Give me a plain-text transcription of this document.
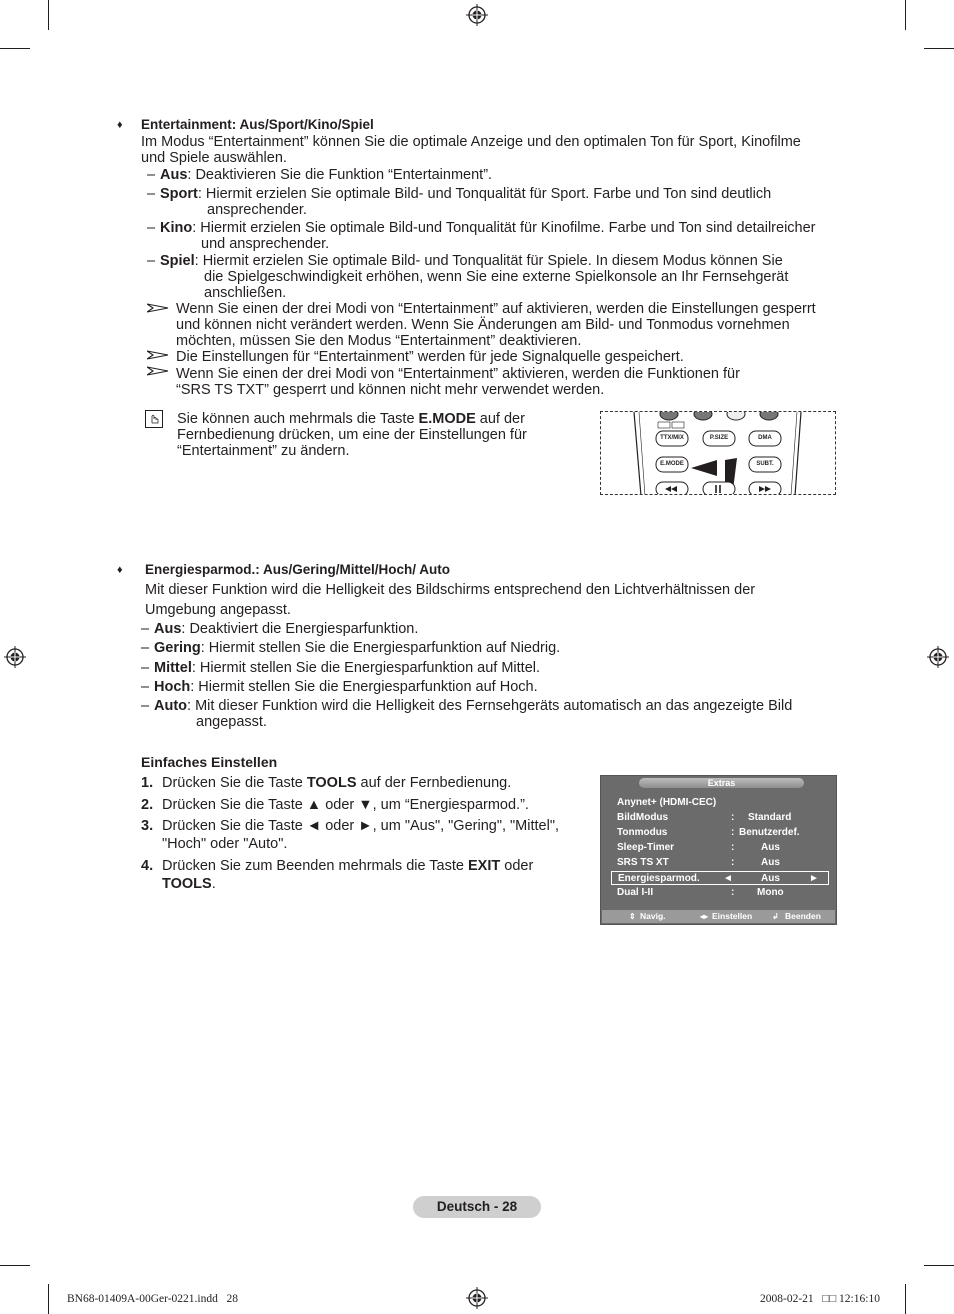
♦ Entertainment: Aus/Sport/Kino/Spiel
Im Modus “Entertainment” können Sie die optimale Anzeige und den optimalen Ton für Sport, Kinofilme
und Spiele auswählen.
– Aus: Deaktivieren Sie die Funktion “Entertainment”.
– Sport: Hiermit erzielen Sie optimale Bild- und Tonqualität für Sport. Farbe und Ton sind deutlich
ansprechender.
– Kino: Hiermit erzielen Sie optimale Bild-und Tonqualität für Kinofilme. Farbe und Ton sind detailreicher
und ansprechender.
– Spiel: Hiermit erzielen Sie optimale Bild- und Tonqualität für Spiele. In diesem Modus können Sie
die Spielgeschwindigkeit erhöhen, wenn Sie eine externe Spielkonsole an Ihr Fernsehgerät
anschließen.
Wenn Sie einen der drei Modi von “Entertainment” auf aktivieren, werden die Einstellungen gesperrt
und können nicht verändert werden. Wenn Sie Änderungen am Bild- und Tonmodus vornehmen
möchten, müssen Sie den Modus “Entertainment” deaktivieren.
Die Einstellungen für “Entertainment” werden für jede Signalquelle gespeichert.
Wenn Sie einen der drei Modi von “Entertainment” aktivieren, werden die Funktionen für
“SRS TS TXT” gesperrt und können nicht mehr verwendet werden.
Sie können auch mehrmals die Taste E.MODE auf der
Fernbedienung drücken, um eine der Einstellungen für
“Entertainment” zu ändern.
TTX/MIX	P.SIZE	DMA
E.MODE	SUBT.
♦ Energiesparmod.: Aus/Gering/Mittel/Hoch/ Auto
Mit dieser Funktion wird die Helligkeit des Bildschirms entsprechend den Lichtverhältnissen der
Umgebung angepasst.
– Aus: Deaktiviert die Energiesparfunktion.
– Gering: Hiermit stellen Sie die Energiesparfunktion auf Niedrig.
– Mittel: Hiermit stellen Sie die Energiesparfunktion auf Mittel.
– Hoch: Hiermit stellen Sie die Energiesparfunktion auf Hoch.
– Auto: Mit dieser Funktion wird die Helligkeit des Fernsehgeräts automatisch an das angezeigte Bild
angepasst.
Einfaches Einstellen
1. Drücken Sie die Taste TOOLS auf der Fernbedienung.
2. Drücken Sie die Taste ▲ oder ▼, um “Energiesparmod.”.
3. Drücken Sie die Taste ◄ oder ►, um "Aus", "Gering", "Mittel",
"Hoch" oder "Auto".
4. Drücken Sie zum Beenden mehrmals die Taste EXIT oder
TOOLS.
Extras
Anynet+ (HDMI-CEC)
BildModus	: Standard
Tonmodus	: Benutzerdef.
Sleep-Timer	:	Aus
SRS TS XT	:	Aus
Energiesparmod. ◄	Aus	►
Dual I-II	: Mono
⇕ Navig.	◂▸ Einstellen ↲ Beenden
Deutsch - 28
BN68-01409A-00Ger-0221.indd   28	2008-02-21   □□ 12:16:10
